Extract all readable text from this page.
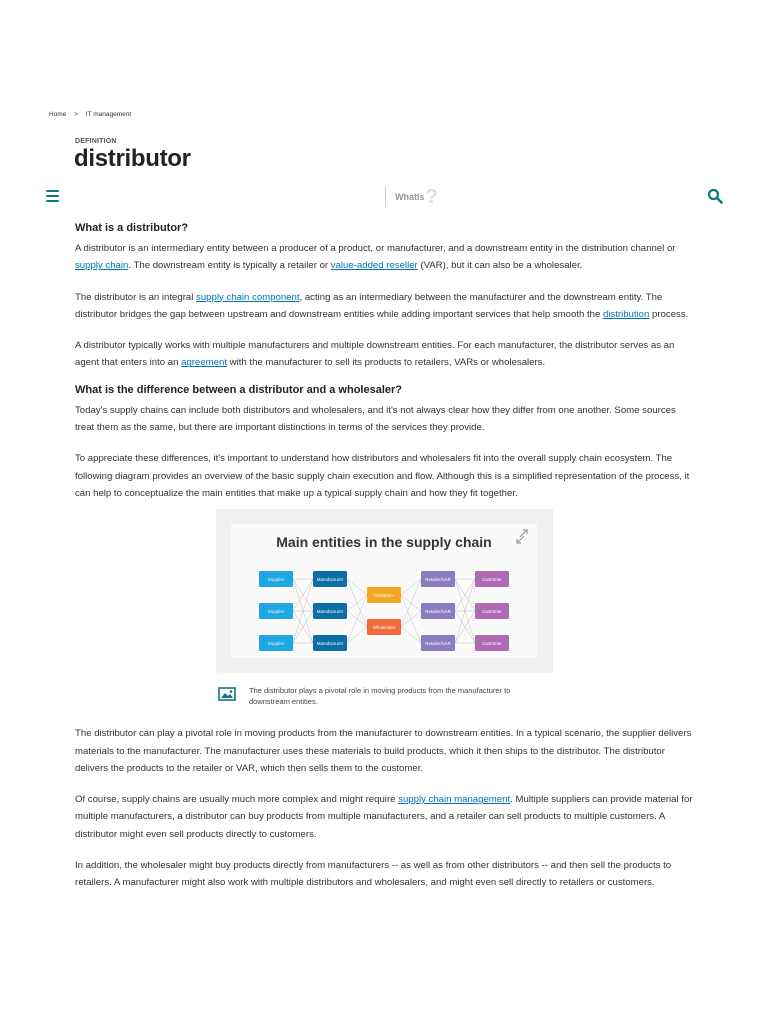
Home > IT management
DEFINITION
distributor
WhatIs ?
What is a distributor?

A distributor is an intermediary entity between a producer of a product, or manufacturer, and a downstream entity in the distribution channel or supply chain. The downstream entity is typically a retailer or value-added reseller (VAR), but it can also be a wholesaler.

The distributor is an integral supply chain component, acting as an intermediary between the manufacturer and the downstream entity. The distributor bridges the gap between upstream and downstream entities while adding important services that help smooth the distribution process.

A distributor typically works with multiple manufacturers and multiple downstream entities. For each manufacturer, the distributor serves as an agent that enters into an agreement with the manufacturer to sell its products to retailers, VARs or wholesalers.

What is the difference between a distributor and a wholesaler?

Today's supply chains can include both distributors and wholesalers, and it's not always clear how they differ from one another. Some sources treat them as the same, but there are important distinctions in terms of the services they provide.

To appreciate these differences, it's important to understand how distributors and wholesalers fit into the overall supply chain ecosystem. The following diagram provides an overview of the basic supply chain execution and flow. Although this is a simplified representation of the process, it can help to conceptualize the main entities that make up a typical supply chain and how they fit together.

Main entities in the supply chain
Supplier
Supplier
Supplier
Manufacturer
Manufacturer
Manufacturer
Distributor
Wholesaler
Retailer/VAR
Retailer/VAR
Retailer/VAR
Customer
Customer
Customer
The distributor plays a pivotal role in moving products from the manufacturer to downstream entities.

The distributor can play a pivotal role in moving products from the manufacturer to downstream entities. In a typical scenario, the supplier delivers materials to the manufacturer. The manufacturer uses these materials to build products, which it then ships to the distributor. The distributor delivers the products to the retailer or VAR, which then sells them to the customer.

Of course, supply chains are usually much more complex and might require supply chain management. Multiple suppliers can provide material for multiple manufacturers, a distributor can buy products from multiple manufacturers, and a retailer can sell products to multiple customers. A distributor might even sell products directly to customers.

In addition, the wholesaler might buy products directly from manufacturers -- as well as from other distributors -- and then sell the products to retailers. A manufacturer might also work with multiple distributors and wholesalers, and might even sell directly to retailers or customers.
